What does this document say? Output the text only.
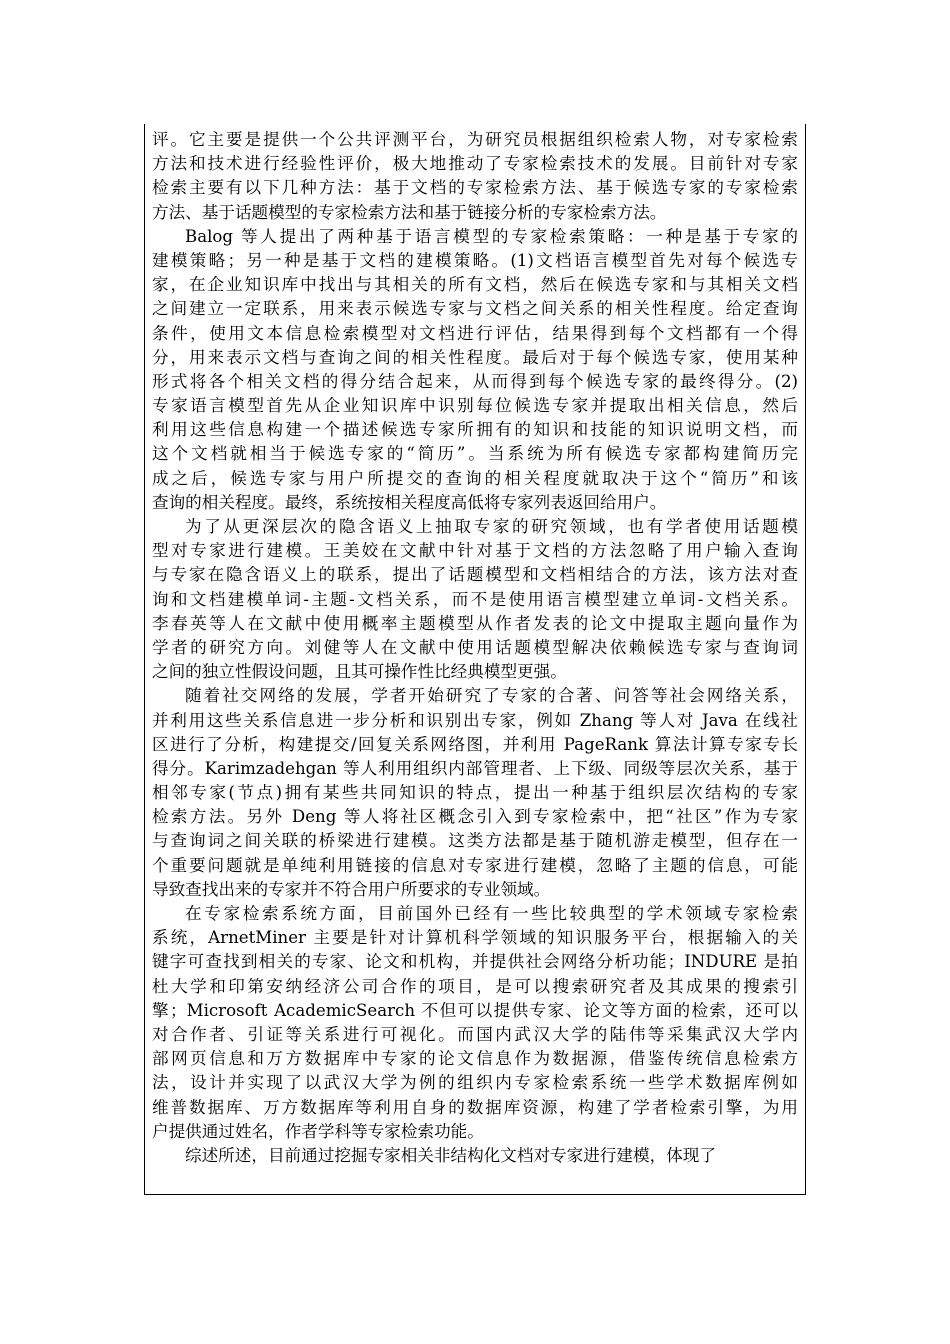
评。它主要是提供一个公共评测平台，为研究员根据组织检索人物，对专家检索
方法和技术进行经验性评价，极大地推动了专家检索技术的发展。目前针对专家
检索主要有以下几种方法：基于文档的专家检索方法、基于候选专家的专家检索
方法、基于话题模型的专家检索方法和基于链接分析的专家检索方法。
Balog 等人提出了两种基于语言模型的专家检索策略：一种是基于专家的
建模策略；另一种是基于文档的建模策略。(1)文档语言模型首先对每个候选专
家，在企业知识库中找出与其相关的所有文档，然后在候选专家和与其相关文档
之间建立一定联系，用来表示候选专家与文档之间关系的相关性程度。给定查询
条件，使用文本信息检索模型对文档进行评估，结果得到每个文档都有一个得
分，用来表示文档与查询之间的相关性程度。最后对于每个候选专家，使用某种
形式将各个相关文档的得分结合起来，从而得到每个候选专家的最终得分。(2)
专家语言模型首先从企业知识库中识别每位候选专家并提取出相关信息，然后
利用这些信息构建一个描述候选专家所拥有的知识和技能的知识说明文档，而
这个文档就相当于候选专家的“简历”。当系统为所有候选专家都构建简历完
成之后，候选专家与用户所提交的查询的相关程度就取决于这个“简历”和该
查询的相关程度。最终，系统按相关程度高低将专家列表返回给用户。
为了从更深层次的隐含语义上抽取专家的研究领域，也有学者使用话题模
型对专家进行建模。王美姣在文献中针对基于文档的方法忽略了用户输入查询
与专家在隐含语义上的联系，提出了话题模型和文档相结合的方法，该方法对查
询和文档建模单词-主题-文档关系，而不是使用语言模型建立单词-文档关系。
李春英等人在文献中使用概率主题模型从作者发表的论文中提取主题向量作为
学者的研究方向。刘健等人在文献中使用话题模型解决依赖候选专家与查询词
之间的独立性假设问题，且其可操作性比经典模型更强。
随着社交网络的发展，学者开始研究了专家的合著、问答等社会网络关系，
并利用这些关系信息进一步分析和识别出专家，例如 Zhang 等人对 Java 在线社
区进行了分析，构建提交/回复关系网络图，并利用 PageRank 算法计算专家专长
得分。Karimzadehgan 等人利用组织内部管理者、上下级、同级等层次关系，基于
相邻专家(节点)拥有某些共同知识的特点，提出一种基于组织层次结构的专家
检索方法。另外 Deng 等人将社区概念引入到专家检索中，把“社区”作为专家
与查询词之间关联的桥梁进行建模。这类方法都是基于随机游走模型，但存在一
个重要问题就是单纯利用链接的信息对专家进行建模，忽略了主题的信息，可能
导致查找出来的专家并不符合用户所要求的专业领域。
在专家检索系统方面，目前国外已经有一些比较典型的学术领域专家检索
系统，ArnetMiner 主要是针对计算机科学领域的知识服务平台，根据输入的关
键字可查找到相关的专家、论文和机构，并提供社会网络分析功能；INDURE 是拍
杜大学和印第安纳经济公司合作的项目，是可以搜索研究者及其成果的搜索引
擎；Microsoft AcademicSearch 不但可以提供专家、论文等方面的检索，还可以
对合作者、引证等关系进行可视化。而国内武汉大学的陆伟等采集武汉大学内
部网页信息和万方数据库中专家的论文信息作为数据源，借鉴传统信息检索方
法，设计并实现了以武汉大学为例的组织内专家检索系统一些学术数据库例如
维普数据库、万方数据库等利用自身的数据库资源，构建了学者检索引擎，为用
户提供通过姓名，作者学科等专家检索功能。
综述所述，目前通过挖掘专家相关非结构化文档对专家进行建模，体现了
